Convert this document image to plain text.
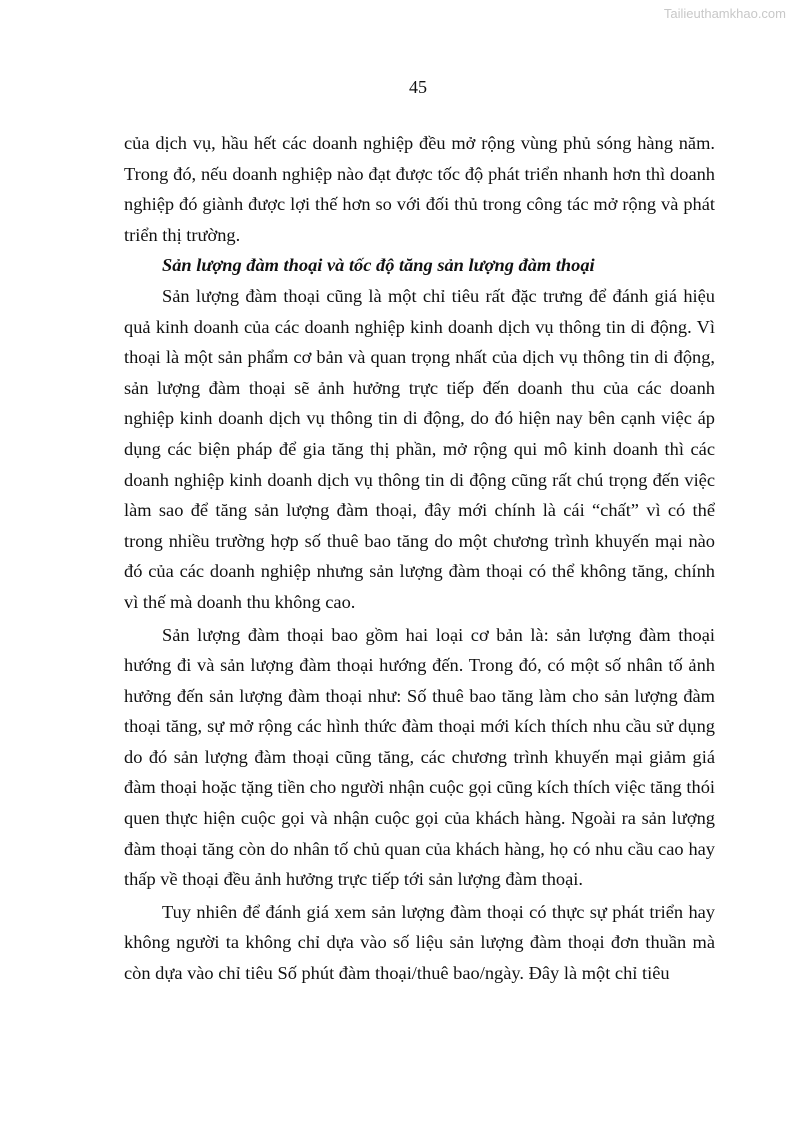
Tailieuthamkhao.com
45

của dịch vụ, hầu hết các doanh nghiệp đều mở rộng vùng phủ sóng hàng năm. Trong đó, nếu doanh nghiệp nào đạt được tốc độ phát triển nhanh hơn thì doanh nghiệp đó giành được lợi thế hơn so với đối thủ trong công tác mở rộng và phát triển thị trường.

Sản lượng đàm thoại và tốc độ tăng sản lượng đàm thoại

Sản lượng đàm thoại cũng là một chỉ tiêu rất đặc trưng để đánh giá hiệu quả kinh doanh của các doanh nghiệp kinh doanh dịch vụ thông tin di động. Vì thoại là một sản phẩm cơ bản và quan trọng nhất của dịch vụ thông tin di động, sản lượng đàm thoại sẽ ảnh hưởng trực tiếp đến doanh thu của các doanh nghiệp kinh doanh dịch vụ thông tin di động, do đó hiện nay bên cạnh việc áp dụng các biện pháp để gia tăng thị phần, mở rộng qui mô kinh doanh thì các doanh nghiệp kinh doanh dịch vụ thông tin di động cũng rất chú trọng đến việc làm sao để tăng sản lượng đàm thoại, đây mới chính là cái “chất” vì có thể trong nhiều trường hợp số thuê bao tăng do một chương trình khuyến mại nào đó của các doanh nghiệp nhưng sản lượng đàm thoại có thể không tăng, chính vì thế mà doanh thu không cao.

Sản lượng đàm thoại bao gồm hai loại cơ bản là: sản lượng đàm thoại hướng đi và sản lượng đàm thoại hướng đến. Trong đó, có một số nhân tố ảnh hưởng đến sản lượng đàm thoại như: Số thuê bao tăng làm cho sản lượng đàm thoại tăng, sự mở rộng các hình thức đàm thoại mới kích thích nhu cầu sử dụng do đó sản lượng đàm thoại cũng tăng, các chương trình khuyến mại giảm giá đàm thoại hoặc tặng tiền cho người nhận cuộc gọi cũng kích thích việc tăng thói quen thực hiện cuộc gọi và nhận cuộc gọi của khách hàng. Ngoài ra sản lượng đàm thoại tăng còn do nhân tố chủ quan của khách hàng, họ có nhu cầu cao hay thấp về thoại đều ảnh hưởng trực tiếp tới sản lượng đàm thoại.

Tuy nhiên để đánh giá xem sản lượng đàm thoại có thực sự phát triển hay không người ta không chỉ dựa vào số liệu sản lượng đàm thoại đơn thuần mà còn dựa vào chỉ tiêu Số phút đàm thoại/thuê bao/ngày. Đây là một chỉ tiêu
